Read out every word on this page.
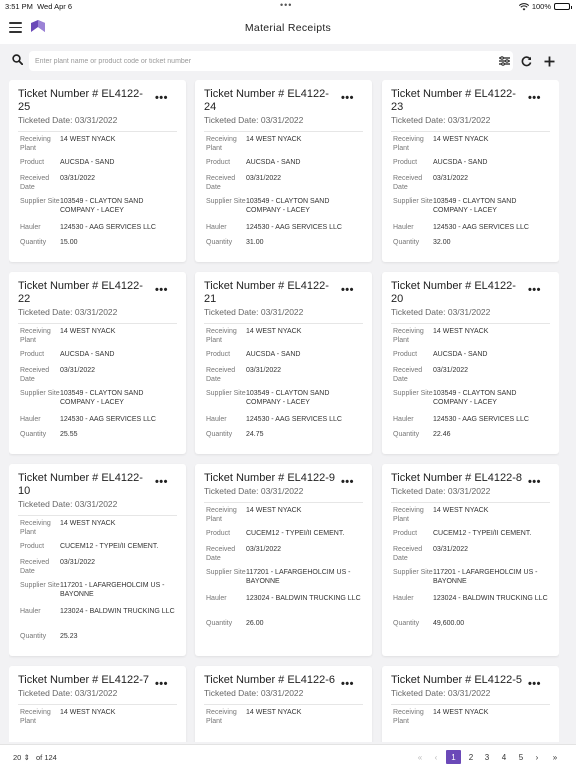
3:51 PM Wed Apr 6	•••	100%
Material Receipts
Enter plant name or product code or ticket number
Ticket Number # EL4122-25
Ticketed Date: 03/31/2022
•••
Receiving Plant
14 WEST NYACK
Product	AUCSDA - SAND
Received Date
03/31/2022
Supplier Site 103549 - CLAYTON SAND COMPANY - LACEY
Hauler	124530 - AAG SERVICES LLC
Quantity	15.00
Ticket Number # EL4122-24
Ticketed Date: 03/31/2022
•••
Receiving Plant
14 WEST NYACK
Product	AUCSDA - SAND
Received Date
03/31/2022
Supplier Site 103549 - CLAYTON SAND COMPANY - LACEY
Hauler	124530 - AAG SERVICES LLC
Quantity	31.00
Ticket Number # EL4122-23
Ticketed Date: 03/31/2022
•••
Receiving Plant
14 WEST NYACK
Product	AUCSDA - SAND
Received Date
03/31/2022
Supplier Site 103549 - CLAYTON SAND COMPANY - LACEY
Hauler	124530 - AAG SERVICES LLC
Quantity	32.00
Ticket Number # EL4122-22
Ticketed Date: 03/31/2022
•••
Receiving Plant
14 WEST NYACK
Product	AUCSDA - SAND
Received Date
03/31/2022
Supplier Site 103549 - CLAYTON SAND COMPANY - LACEY
Hauler	124530 - AAG SERVICES LLC
Quantity	25.55
Ticket Number # EL4122-21
Ticketed Date: 03/31/2022
•••
Receiving Plant
14 WEST NYACK
Product	AUCSDA - SAND
Received Date
03/31/2022
Supplier Site 103549 - CLAYTON SAND COMPANY - LACEY
Hauler	124530 - AAG SERVICES LLC
Quantity	24.75
Ticket Number # EL4122-20
Ticketed Date: 03/31/2022
•••
Receiving Plant
14 WEST NYACK
Product	AUCSDA - SAND
Received Date
03/31/2022
Supplier Site 103549 - CLAYTON SAND COMPANY - LACEY
Hauler	124530 - AAG SERVICES LLC
Quantity	22.46
Ticket Number # EL4122-10
Ticketed Date: 03/31/2022
•••
Receiving Plant
14 WEST NYACK
Product	CUCEM12 - TYPEI/II CEMENT.
Received Date
03/31/2022
Supplier Site 117201 - LAFARGEHOLCIM US - BAYONNE
Hauler	123024 - BALDWIN TRUCKING LLC
Quantity	25.23
Ticket Number # EL4122-9
Ticketed Date: 03/31/2022
•••
Receiving Plant
14 WEST NYACK
Product	CUCEM12 - TYPEI/II CEMENT.
Received Date
03/31/2022
Supplier Site 117201 - LAFARGEHOLCIM US - BAYONNE
Hauler	123024 - BALDWIN TRUCKING LLC
Quantity	26.00
Ticket Number # EL4122-8
Ticketed Date: 03/31/2022
•••
Receiving Plant
14 WEST NYACK
Product	CUCEM12 - TYPEI/II CEMENT.
Received Date
03/31/2022
Supplier Site 117201 - LAFARGEHOLCIM US - BAYONNE
Hauler	123024 - BALDWIN TRUCKING LLC
Quantity	49,600.00
Ticket Number # EL4122-7
Ticketed Date: 03/31/2022
•••
Receiving Plant
14 WEST NYACK
Ticket Number # EL4122-6
Ticketed Date: 03/31/2022
•••
Receiving Plant
14 WEST NYACK
Ticket Number # EL4122-5
Ticketed Date: 03/31/2022
•••
Receiving Plant
14 WEST NYACK
20 ⇕ of 124	«	‹	1	2	3	4	5	›	»
